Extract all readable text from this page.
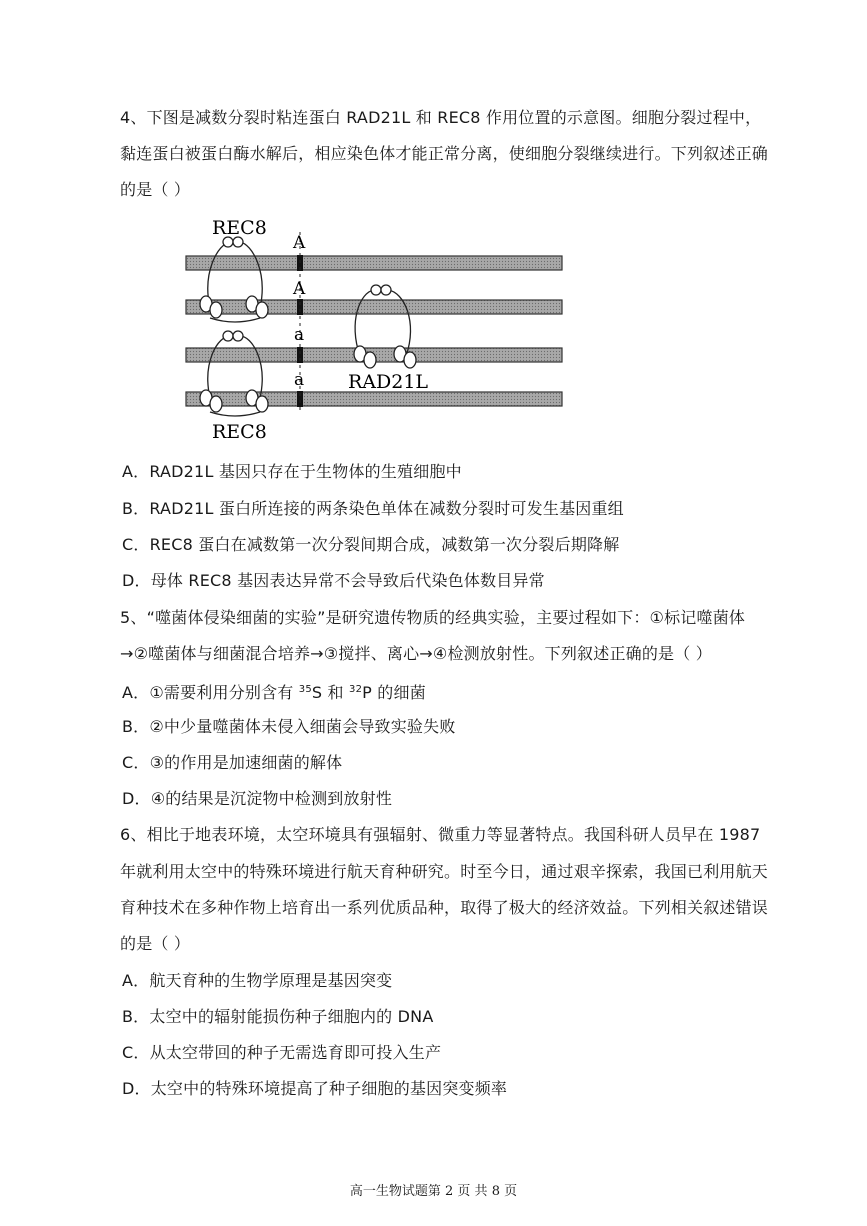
4、下图是减数分裂时粘连蛋白 RAD21L 和 REC8 作用位置的示意图。细胞分裂过程中，
黏连蛋白被蛋白酶水解后，相应染色体才能正常分离，使细胞分裂继续进行。下列叙述正确
的是（ ）
A
A
a
a
REC8
RAD21L
REC8
A．RAD21L 基因只存在于生物体的生殖细胞中
B．RAD21L 蛋白所连接的两条染色单体在减数分裂时可发生基因重组
C．REC8 蛋白在减数第一次分裂间期合成，减数第一次分裂后期降解
D．母体 REC8 基因表达异常不会导致后代染色体数目异常
5、“噬菌体侵染细菌的实验”是研究遗传物质的经典实验，主要过程如下：①标记噬菌体
→②噬菌体与细菌混合培养→③搅拌、离心→④检测放射性。下列叙述正确的是（ ）
A．①需要利用分别含有 $^{35}$S 和 $^{32}$P 的细菌
B．②中少量噬菌体未侵入细菌会导致实验失败
C．③的作用是加速细菌的解体
D．④的结果是沉淀物中检测到放射性
6、相比于地表环境，太空环境具有强辐射、微重力等显著特点。我国科研人员早在 1987
年就利用太空中的特殊环境进行航天育种研究。时至今日，通过艰辛探索，我国已利用航天
育种技术在多种作物上培育出一系列优质品种，取得了极大的经济效益。下列相关叙述错误
的是（ ）
A．航天育种的生物学原理是基因突变
B．太空中的辐射能损伤种子细胞内的 DNA
C．从太空带回的种子无需选育即可投入生产
D．太空中的特殊环境提高了种子细胞的基因突变频率
高一生物试题第 2 页 共 8 页
